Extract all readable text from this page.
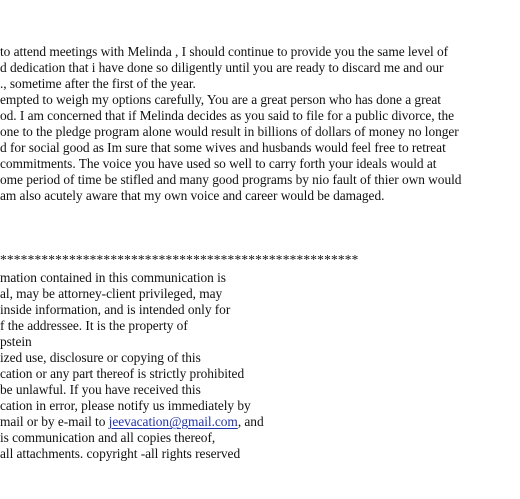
to attend meetings with Melinda , I should continue to provide you the same level of
d dedication that i have done so diligently until you are ready to discard me and our
., sometime after the first of the year.
empted to weigh my options carefully, You are a great person who has done a great
od. I am concerned that if Melinda decides as you said to file for a public divorce, the
one to the pledge program alone would result in billions of dollars of money no longer
d for social good as Im sure that some wives and husbands would feel free to retreat
commitments. The voice you have used so well to carry forth your ideals would at
ome period of time be stifled and many good programs by nio fault of thier own would
am also acutely aware that my own voice and career would be damaged.
****************************************************
mation contained in this communication is
al, may be attorney-client privileged, may
inside information, and is intended only for
f the addressee. It is the property of
pstein
ized use, disclosure or copying of this
cation or any part thereof is strictly prohibited
be unlawful. If you have received this
cation in error, please notify us immediately by
mail or by e-mail to jeevacation@gmail.com, and
is communication and all copies thereof,
all attachments. copyright -all rights reserved
